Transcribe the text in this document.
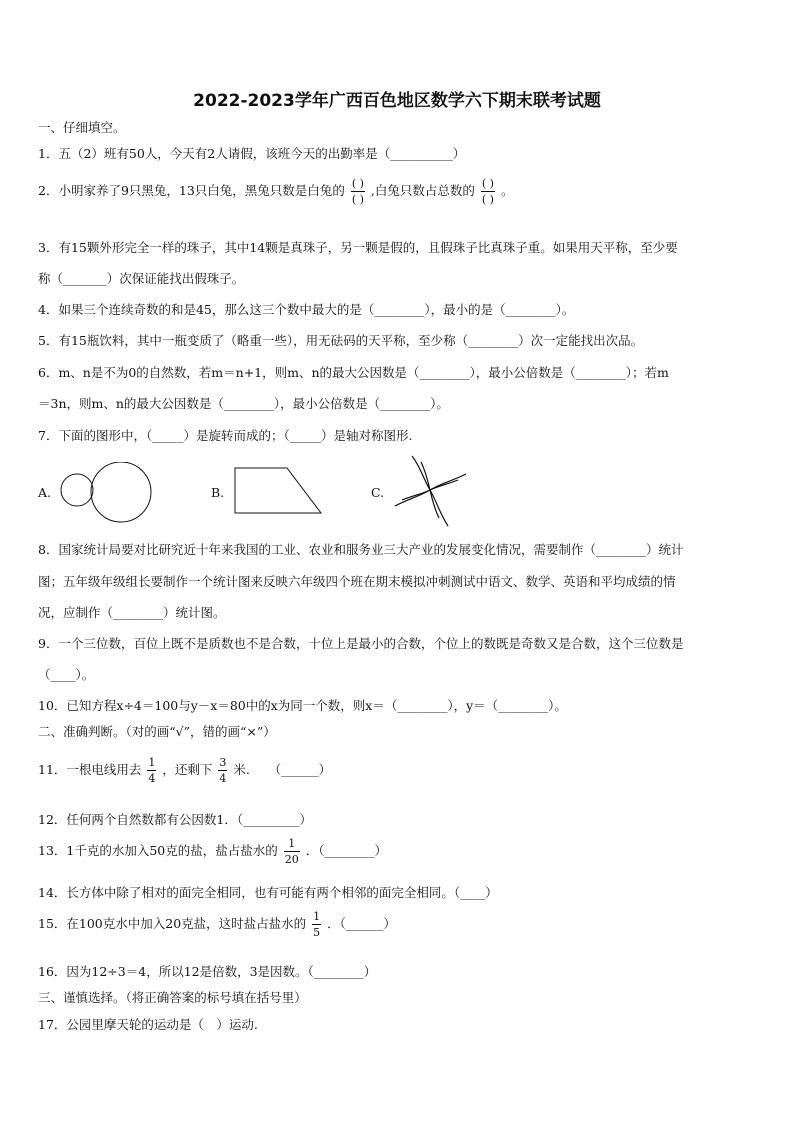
2022-2023学年广西百色地区数学六下期末联考试题
一、仔细填空。
1．五（2）班有50人，今天有2人请假，该班今天的出勤率是（__________）
2．小明家养了9只黑兔，13只白兔，黑兔只数是白兔的 $\frac{( )}{( )}$ ,白兔只数占总数的 $\frac{( )}{( )}$ 。
3．有15颗外形完全一样的珠子，其中14颗是真珠子，另一颗是假的，且假珠子比真珠子重。如果用天平称，至少要
称（_______）次保证能找出假珠子。
4．如果三个连续奇数的和是45，那么这三个数中最大的是（________），最小的是（________）。
5．有15瓶饮料，其中一瓶变质了（略重一些），用无砝码的天平称，至少称（________）次一定能找出次品。
6．m、n是不为0的自然数，若m＝n+1，则m、n的最大公因数是（________），最小公倍数是（________）；若m
＝3n，则m、n的最大公因数是（________），最小公倍数是（________）。
7．下面的图形中，（_____）是旋转而成的；（_____）是轴对称图形.
A.	B.	C.
8．国家统计局要对比研究近十年来我国的工业、农业和服务业三大产业的发展变化情况，需要制作（________）统计
图；五年级年级组长要制作一个统计图来反映六年级四个班在期末模拟冲刺测试中语文、数学、英语和平均成绩的情
况，应制作（________）统计图。
9．一个三位数，百位上既不是质数也不是合数，十位上是最小的合数，个位上的数既是奇数又是合数，这个三位数是
（____）。
10．已知方程x÷4＝100与y－x＝80中的x为同一个数，则x＝（________），y＝（________）。
二、准确判断。（对的画“√”，错的画“×”）
11．一根电线用去 $\frac{1}{4}$ ，还剩下 $\frac{3}{4}$ 米.　　（______）
12．任何两个自然数都有公因数1．（_________）
13．1千克的水加入50克的盐，盐占盐水的 $\frac{1}{20}$ ．（________）
14．长方体中除了相对的面完全相同，也有可能有两个相邻的面完全相同。（____）
15．在100克水中加入20克盐，这时盐占盐水的 $\frac{1}{5}$ ．（______）
16．因为12÷3＝4，所以12是倍数，3是因数。（________）
三、谨慎选择。（将正确答案的标号填在括号里）
17．公园里摩天轮的运动是（　）运动.
